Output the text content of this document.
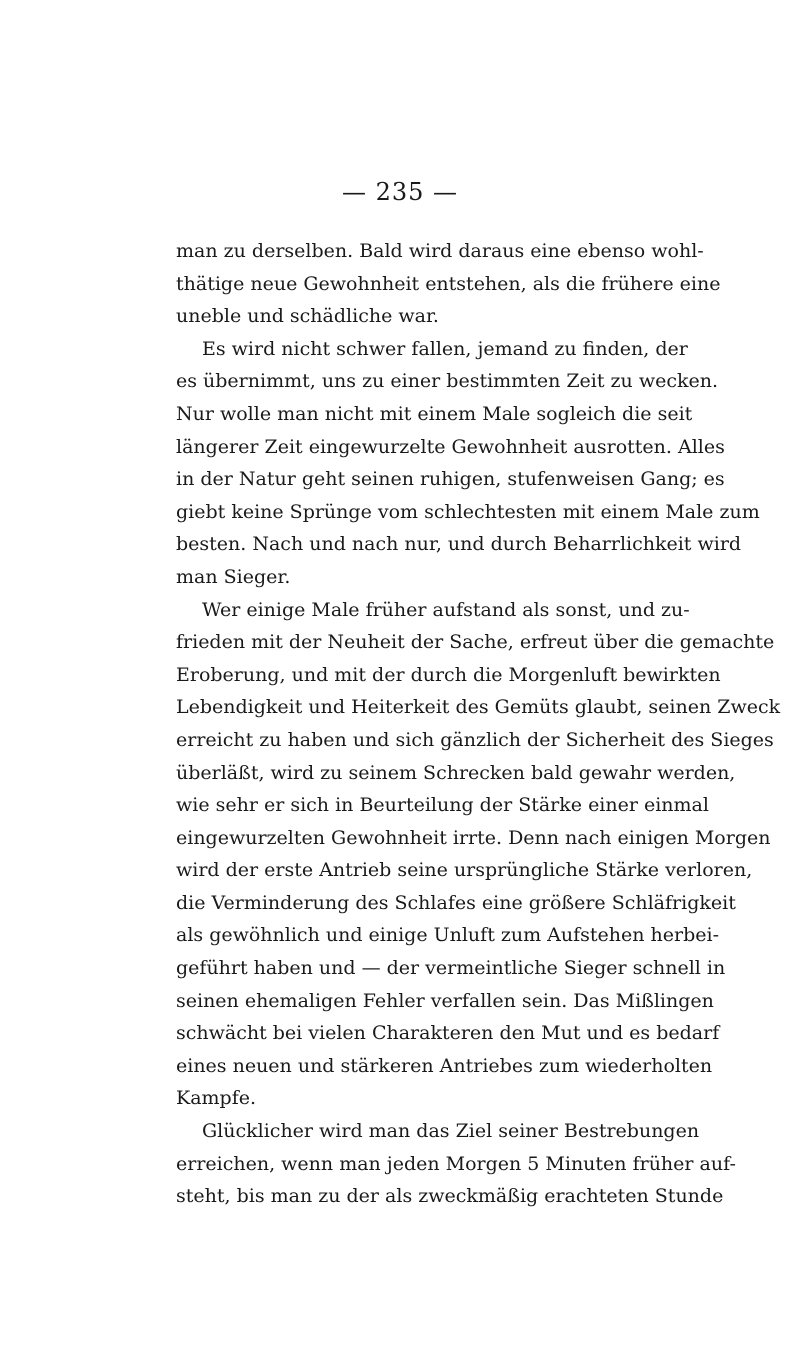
— 235 —
man zu derselben. Bald wird daraus eine ebenso wohl-
thätige neue Gewohnheit entstehen, als die frühere eine
uneble und schädliche war.
Es wird nicht schwer fallen, jemand zu finden, der
es übernimmt, uns zu einer bestimmten Zeit zu wecken.
Nur wolle man nicht mit einem Male sogleich die seit
längerer Zeit eingewurzelte Gewohnheit ausrotten. Alles
in der Natur geht seinen ruhigen, stufenweisen Gang; es
giebt keine Sprünge vom schlechtesten mit einem Male zum
besten. Nach und nach nur, und durch Beharrlichkeit wird
man Sieger.
Wer einige Male früher aufstand als sonst, und zu-
frieden mit der Neuheit der Sache, erfreut über die gemachte
Eroberung, und mit der durch die Morgenluft bewirkten
Lebendigkeit und Heiterkeit des Gemüts glaubt, seinen Zweck
erreicht zu haben und sich gänzlich der Sicherheit des Sieges
überläßt, wird zu seinem Schrecken bald gewahr werden,
wie sehr er sich in Beurteilung der Stärke einer einmal
eingewurzelten Gewohnheit irrte. Denn nach einigen Morgen
wird der erste Antrieb seine ursprüngliche Stärke verloren,
die Verminderung des Schlafes eine größere Schläfrigkeit
als gewöhnlich und einige Unluft zum Aufstehen herbei-
geführt haben und — der vermeintliche Sieger schnell in
seinen ehemaligen Fehler verfallen sein. Das Mißlingen
schwächt bei vielen Charakteren den Mut und es bedarf
eines neuen und stärkeren Antriebes zum wiederholten
Kampfe.
Glücklicher wird man das Ziel seiner Bestrebungen
erreichen, wenn man jeden Morgen 5 Minuten früher auf-
steht, bis man zu der als zweckmäßig erachteten Stunde
